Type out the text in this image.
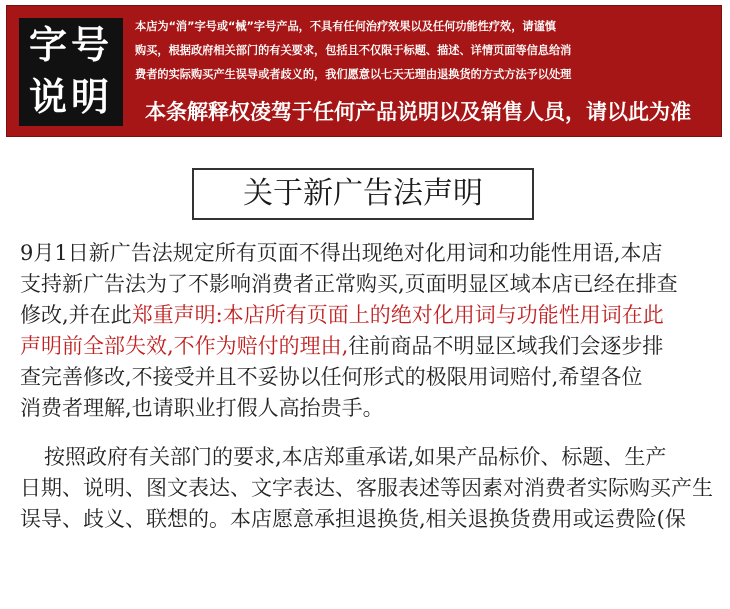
字号
说明
本店为“消”字号或“械”字号产品，不具有任何治疗效果以及任何功能性疗效，请谨慎
购买，根据政府相关部门的有关要求，包括且不仅限于标题、描述、详情页面等信息给消
费者的实际购买产生误导或者歧义的，我们愿意以七天无理由退换货的方式方法予以处理
本条解释权凌驾于任何产品说明以及销售人员，请以此为准
关于新广告法声明
9月1日新广告法规定所有页面不得出现绝对化用词和功能性用语,本店
支持新广告法为了不影响消费者正常购买,页面明显区域本店已经在排查
修改,并在此郑重声明:本店所有页面上的绝对化用词与功能性用词在此
声明前全部失效,不作为赔付的理由,往前商品不明显区域我们会逐步排
查完善修改,不接受并且不妥协以任何形式的极限用词赔付,希望各位
消费者理解,也请职业打假人高抬贵手。
按照政府有关部门的要求,本店郑重承诺,如果产品标价、标题、生产
日期、说明、图文表达、文字表达、客服表述等因素对消费者实际购买产生
误导、歧义、联想的。本店愿意承担退换货,相关退换货费用或运费险(保
